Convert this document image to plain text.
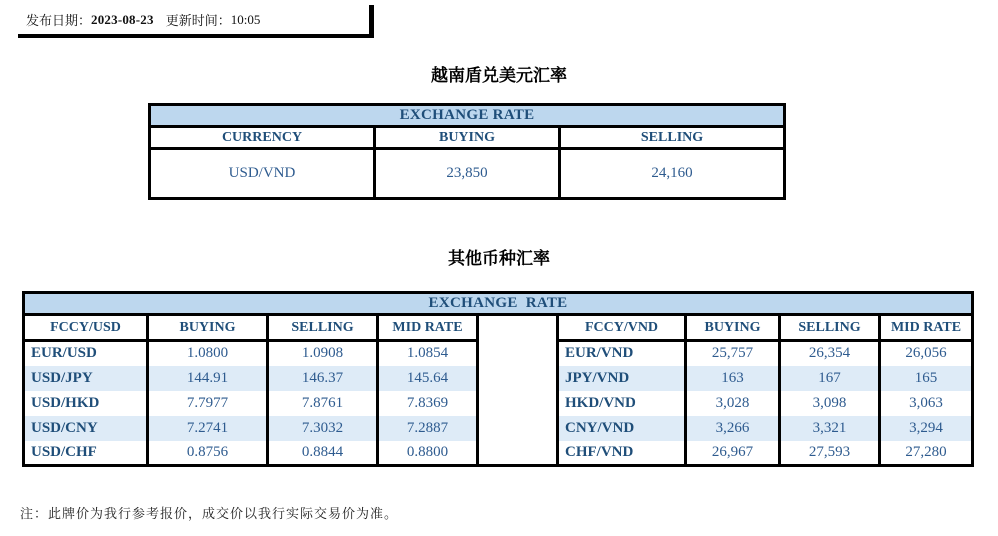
发布日期： 2023-08-23 更新时间： 10:05
越南盾兑美元汇率
EXCHANGE RATE		
CURRENCY	BUYING	SELLING
USD/VND	23,850	24,160
其他币种汇率
EXCHANGE  RATE								
FCCY/USD	BUYING	SELLING	MID RATE		FCCY/VND	BUYING	SELLING	MID RATE
EUR/USD	1.0800	1.0908	1.0854		EUR/VND	25,757	26,354	26,056
USD/JPY	144.91	146.37	145.64		JPY/VND	163	167	165
USD/HKD	7.7977	7.8761	7.8369		HKD/VND	3,028	3,098	3,063
USD/CNY	7.2741	7.3032	7.2887		CNY/VND	3,266	3,321	3,294
USD/CHF	0.8756	0.8844	0.8800		CHF/VND	26,967	27,593	27,280
注：此牌价为我行参考报价，成交价以我行实际交易价为准。
